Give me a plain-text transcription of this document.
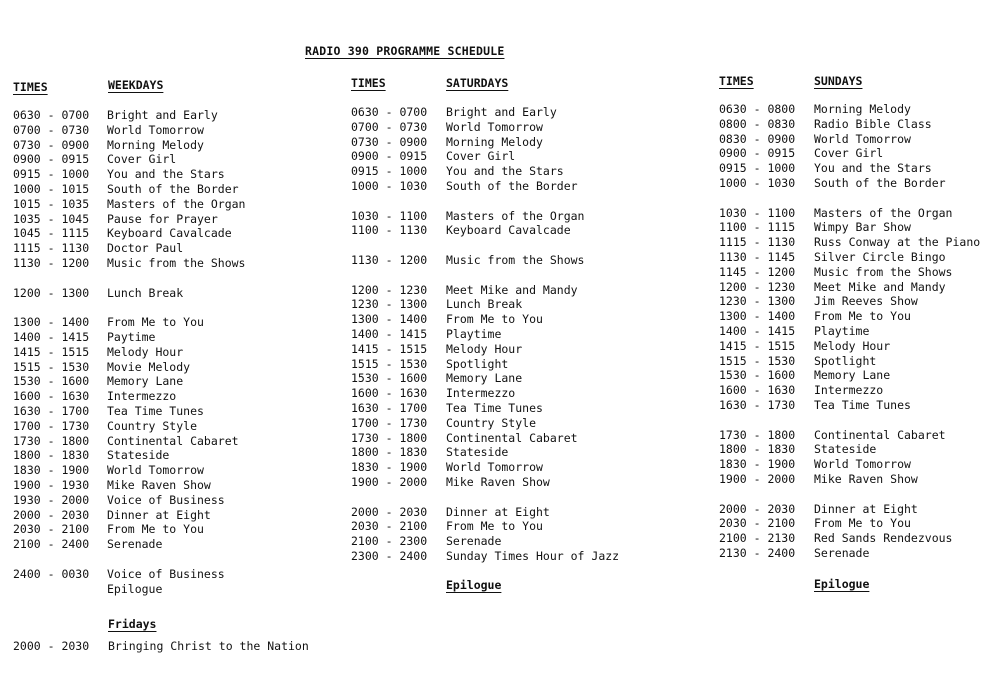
RADIO 390 PROGRAMME SCHEDULE
TIMES	WEEKDAYS
0630 - 0700 Bright and Early
0700 - 0730 World Tomorrow
0730 - 0900 Morning Melody
0900 - 0915 Cover Girl
0915 - 1000 You and the Stars
1000 - 1015 South of the Border
1015 - 1035 Masters of the Organ
1035 - 1045 Pause for Prayer
1045 - 1115 Keyboard Cavalcade
1115 - 1130 Doctor Paul
1130 - 1200 Music from the Shows
1200 - 1300 Lunch Break
1300 - 1400 From Me to You
1400 - 1415 Paytime
1415 - 1515 Melody Hour
1515 - 1530 Movie Melody
1530 - 1600 Memory Lane
1600 - 1630 Intermezzo
1630 - 1700 Tea Time Tunes
1700 - 1730 Country Style
1730 - 1800 Continental Cabaret
1800 - 1830 Stateside
1830 - 1900 World Tomorrow
1900 - 1930 Mike Raven Show
1930 - 2000 Voice of Business
2000 - 2030 Dinner at Eight
2030 - 2100 From Me to You
2100 - 2400 Serenade
2400 - 0030 Voice of Business
Epilogue
Fridays
2000 - 2030 Bringing Christ to the Nation
TIMES	SATURDAYS
0630 - 0700 Bright and Early
0700 - 0730 World Tomorrow
0730 - 0900 Morning Melody
0900 - 0915 Cover Girl
0915 - 1000 You and the Stars
1000 - 1030 South of the Border
1030 - 1100 Masters of the Organ
1100 - 1130 Keyboard Cavalcade
1130 - 1200 Music from the Shows
1200 - 1230 Meet Mike and Mandy
1230 - 1300 Lunch Break
1300 - 1400 From Me to You
1400 - 1415 Playtime
1415 - 1515 Melody Hour
1515 - 1530 Spotlight
1530 - 1600 Memory Lane
1600 - 1630 Intermezzo
1630 - 1700 Tea Time Tunes
1700 - 1730 Country Style
1730 - 1800 Continental Cabaret
1800 - 1830 Stateside
1830 - 1900 World Tomorrow
1900 - 2000 Mike Raven Show
2000 - 2030 Dinner at Eight
2030 - 2100 From Me to You
2100 - 2300 Serenade
2300 - 2400 Sunday Times Hour of Jazz
Epilogue
TIMES	SUNDAYS
0630 - 0800 Morning Melody
0800 - 0830 Radio Bible Class
0830 - 0900 World Tomorrow
0900 - 0915 Cover Girl
0915 - 1000 You and the Stars
1000 - 1030 South of the Border
1030 - 1100 Masters of the Organ
1100 - 1115 Wimpy Bar Show
1115 - 1130 Russ Conway at the Piano
1130 - 1145 Silver Circle Bingo
1145 - 1200 Music from the Shows
1200 - 1230 Meet Mike and Mandy
1230 - 1300 Jim Reeves Show
1300 - 1400 From Me to You
1400 - 1415 Playtime
1415 - 1515 Melody Hour
1515 - 1530 Spotlight
1530 - 1600 Memory Lane
1600 - 1630 Intermezzo
1630 - 1730 Tea Time Tunes
1730 - 1800 Continental Cabaret
1800 - 1830 Stateside
1830 - 1900 World Tomorrow
1900 - 2000 Mike Raven Show
2000 - 2030 Dinner at Eight
2030 - 2100 From Me to You
2100 - 2130 Red Sands Rendezvous
2130 - 2400 Serenade
Epilogue
